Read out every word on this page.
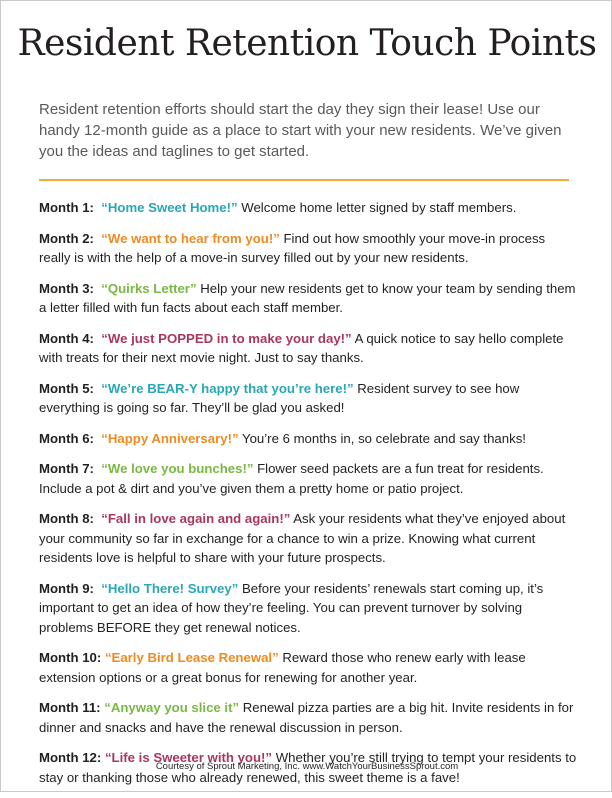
Resident Retention Touch Points
Resident retention efforts should start the day they sign their lease! Use our handy 12-month guide as a place to start with your new residents. We’ve given you the ideas and taglines to get started.
Month 1: “Home Sweet Home!” Welcome home letter signed by staff members.
Month 2: “We want to hear from you!” Find out how smoothly your move-in process really is with the help of a move-in survey filled out by your new residents.
Month 3: “Quirks Letter” Help your new residents get to know your team by sending them a letter filled with fun facts about each staff member.
Month 4: “We just POPPED in to make your day!” A quick notice to say hello complete with treats for their next movie night. Just to say thanks.
Month 5: “We’re BEAR-Y happy that you’re here!” Resident survey to see how everything is going so far. They’ll be glad you asked!
Month 6: “Happy Anniversary!” You’re 6 months in, so celebrate and say thanks!
Month 7: “We love you bunches!” Flower seed packets are a fun treat for residents. Include a pot & dirt and you’ve given them a pretty home or patio project.
Month 8: “Fall in love again and again!” Ask your residents what they’ve enjoyed about your community so far in exchange for a chance to win a prize. Knowing what current residents love is helpful to share with your future prospects.
Month 9: “Hello There! Survey” Before your residents’ renewals start coming up, it’s important to get an idea of how they’re feeling. You can prevent turnover by solving problems BEFORE they get renewal notices.
Month 10: “Early Bird Lease Renewal” Reward those who renew early with lease extension options or a great bonus for renewing for another year.
Month 11: “Anyway you slice it” Renewal pizza parties are a big hit. Invite residents in for dinner and snacks and have the renewal discussion in person.
Month 12: “Life is Sweeter with you!” Whether you’re still trying to tempt your residents to stay or thanking those who already renewed, this sweet theme is a fave!
Courtesy of Sprout Marketing, Inc. www.WatchYourBusinessSprout.com
